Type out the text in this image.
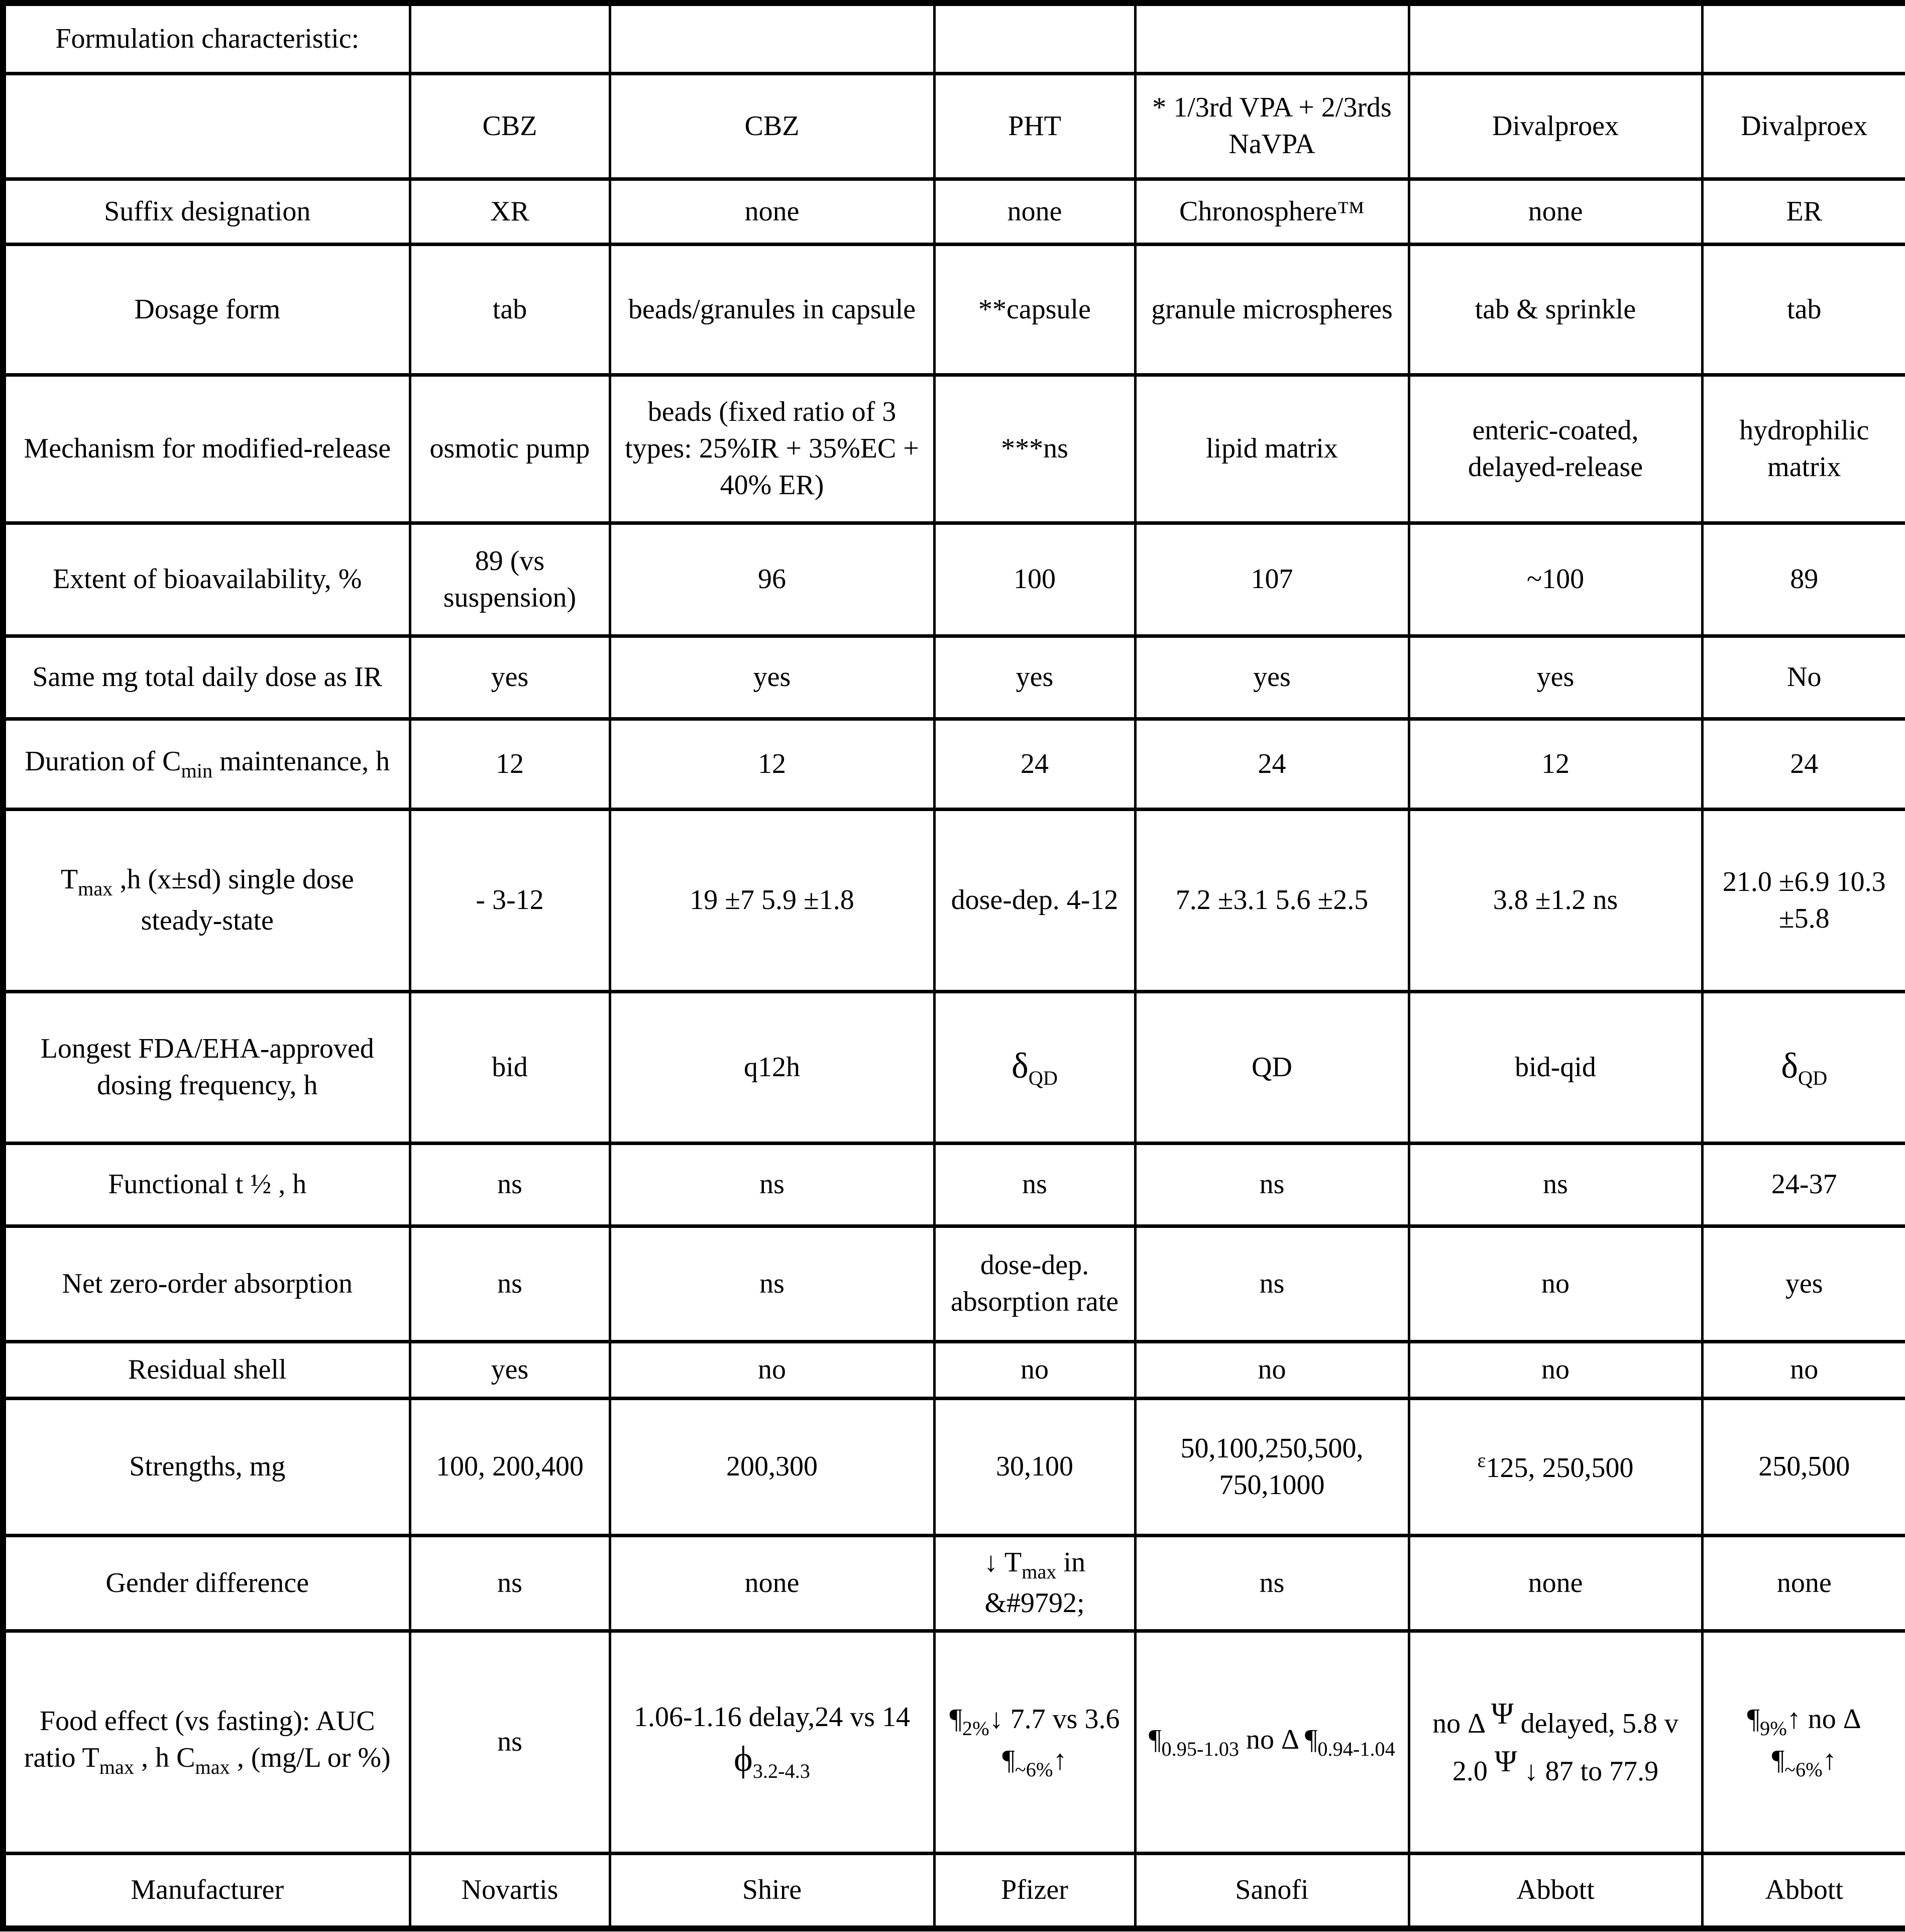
Formulation characteristic:						
	CBZ	CBZ	PHT	* 1/3rd VPA + 2/3rds NaVPA	Divalproex	Divalproex
Suffix designation	XR	none	none	Chronosphere™	none	ER
Dosage form	tab	beads/granules in capsule	**capsule	granule microspheres	tab & sprinkle	tab
Mechanism for modified-release	osmotic pump	beads (fixed ratio of 3 types: 25%IR + 35%EC + 40% ER)	***ns	lipid matrix	enteric-coated, delayed-release	hydrophilic matrix
Extent of bioavailability, %	89 (vs suspension)	96	100	107	~100	89
Same mg total daily dose as IR	yes	yes	yes	yes	yes	No
Duration of $C_{min}$ maintenance, h	12	12	24	24	12	24
$T_{max}$ ,h (x±sd) single dose steady-state	- 3-12	19 ±7 5.9 ±1.8	dose-dep. 4-12	7.2 ±3.1 5.6 ±2.5	3.8 ±1.2 ns	21.0 ±6.9 10.3 ±5.8
Longest FDA/EHA-approved dosing frequency, h	bid	q12h	$\delta_{QD}$	QD	bid-qid	$\delta_{QD}$
Functional t ½ , h	ns	ns	ns	ns	ns	24-37
Net zero-order absorption	ns	ns	dose-dep. absorption rate	ns	no	yes
Residual shell	yes	no	no	no	no	no
Strengths, mg	100, 200,400	200,300	30,100	50,100,250,500, 750,1000	$^\varepsilon$125, 250,500	250,500
Gender difference	ns	none	↓ $T_{max}$ in &#9792;	ns	none	none
Food effect (vs fasting): AUC ratio $T_{max}$ , h $C_{max}$ , (mg/L or %)	ns	1.06-1.16 delay,24 vs 14 $\phi_{3.2-4.3}$	$\P_{2\%}↓$ 7.7 vs 3.6 $\P_{\sim 6\%}↑$	$\P_{0.95-1.03}$ no Δ $\P_{0.94-1.04}$	no Δ Ψ delayed, 5.8 v 2.0 Ψ ↓ 87 to 77.9	$\P_{9\%}↑$ no Δ $\P_{\sim 6\%}↑$
Manufacturer	Novartis	Shire	Pfizer	Sanofi	Abbott	Abbott
